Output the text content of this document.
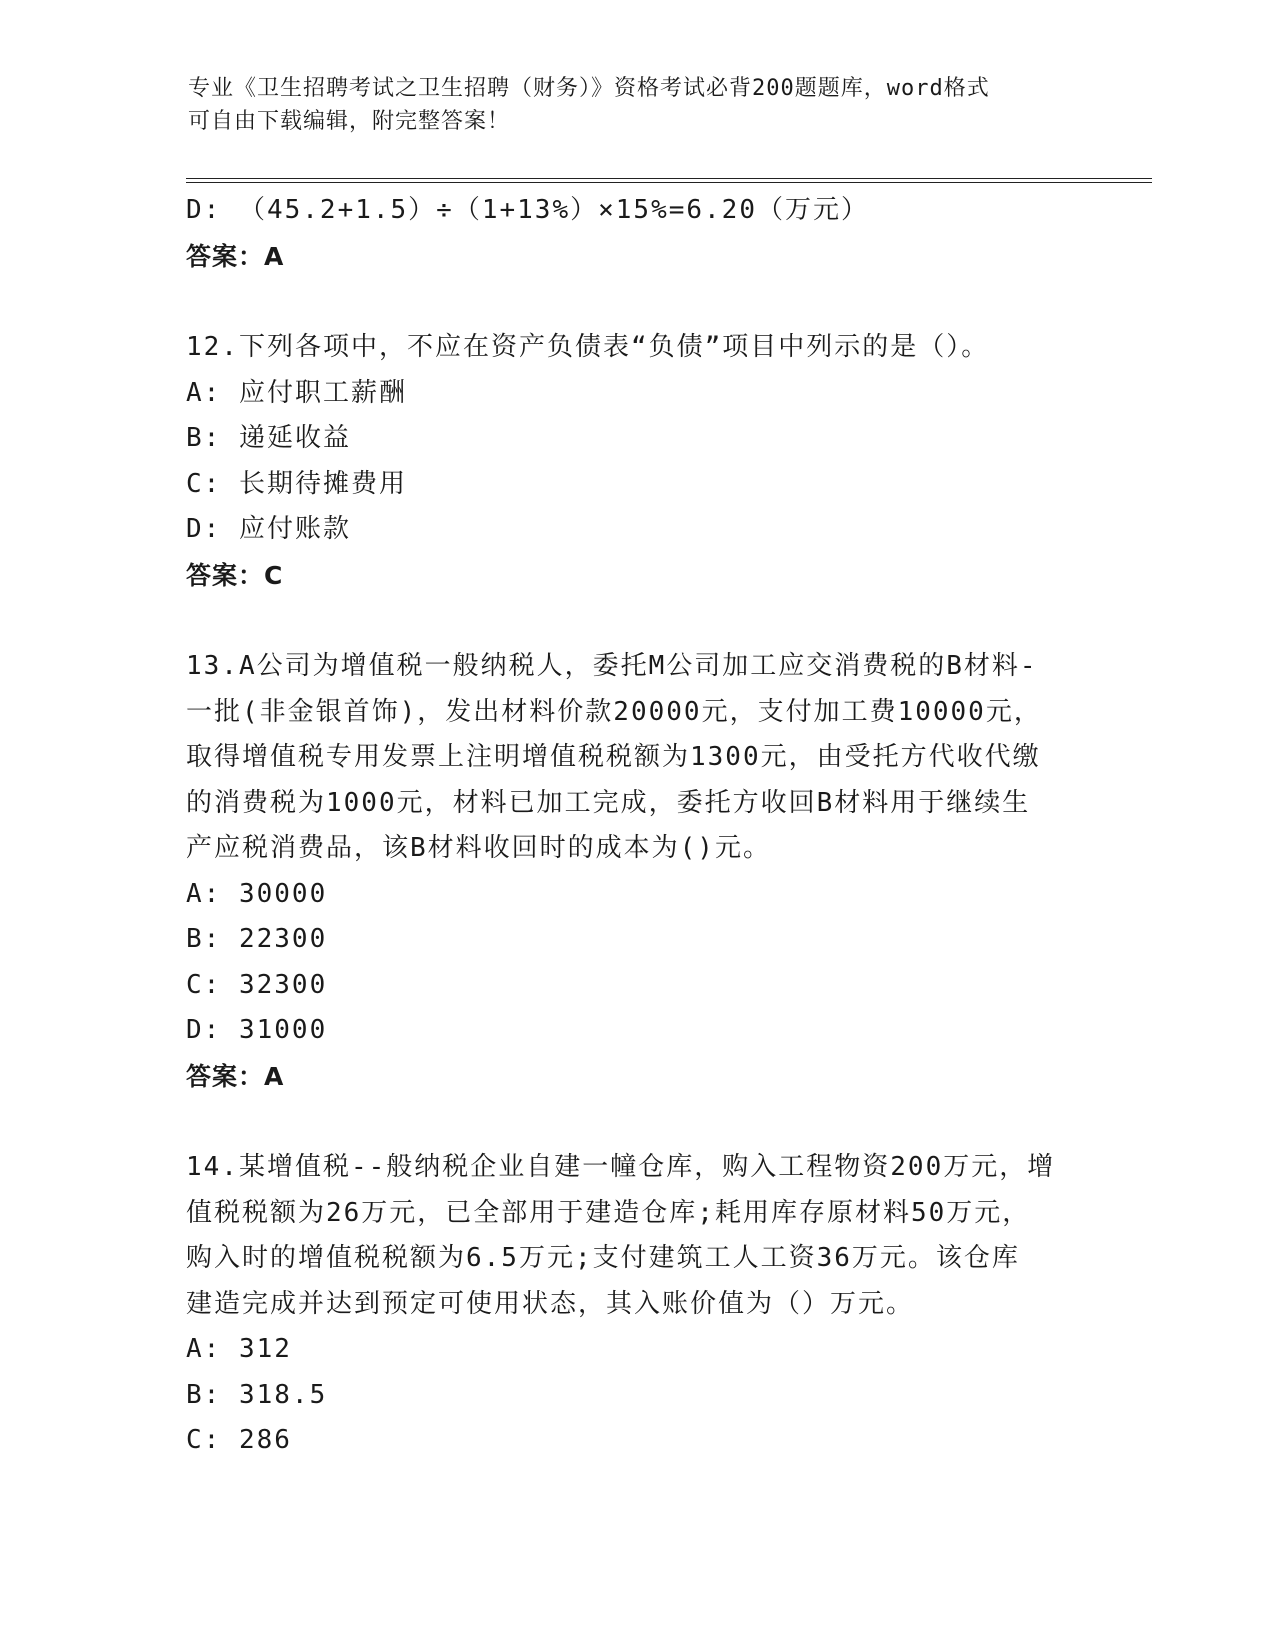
专业《卫生招聘考试之卫生招聘（财务）》资格考试必背200题题库，word格式
可自由下载编辑，附完整答案！
D: （45.2+1.5）÷（1+13%）×15%=6.20（万元）
答案：A
12.下列各项中，不应在资产负债表“负债”项目中列示的是（）。
A: 应付职工薪酬
B: 递延收益
C: 长期待摊费用
D: 应付账款
答案：C
13.A公司为增值税一般纳税人，委托M公司加工应交消费税的B材料-
一批(非金银首饰)，发出材料价款20000元，支付加工费10000元，
取得增值税专用发票上注明增值税税额为1300元，由受托方代收代缴
的消费税为1000元，材料已加工完成，委托方收回B材料用于继续生
产应税消费品，该B材料收回时的成本为()元。
A: 30000
B: 22300
C: 32300
D: 31000
答案：A
14.某增值税--般纳税企业自建一幢仓库，购入工程物资200万元，增
值税税额为26万元，已全部用于建造仓库;耗用库存原材料50万元，
购入时的增值税税额为6.5万元;支付建筑工人工资36万元。该仓库
建造完成并达到预定可使用状态，其入账价值为（）万元。
A: 312
B: 318.5
C: 286
